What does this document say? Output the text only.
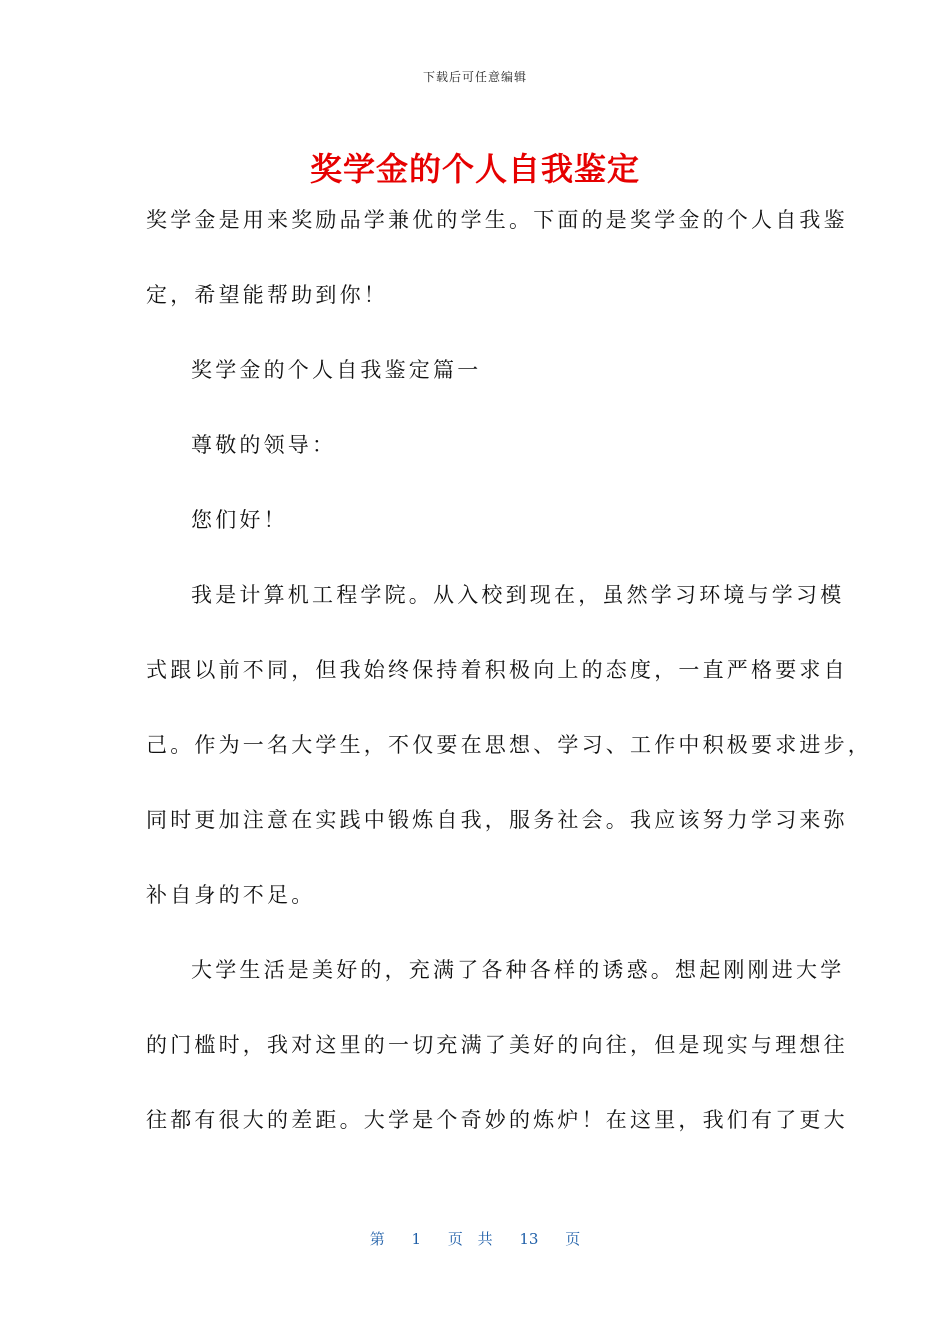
下载后可任意编辑
奖学金的个人自我鉴定
奖学金是用来奖励品学兼优的学生。下面的是奖学金的个人自我鉴
定，希望能帮助到你！
奖学金的个人自我鉴定篇一
尊敬的领导：
您们好！
我是计算机工程学院。从入校到现在，虽然学习环境与学习模
式跟以前不同，但我始终保持着积极向上的态度，一直严格要求自
己。作为一名大学生，不仅要在思想、学习、工作中积极要求进步，
同时更加注意在实践中锻炼自我，服务社会。我应该努力学习来弥
补自身的不足。
大学生活是美好的，充满了各种各样的诱惑。想起刚刚进大学
的门槛时，我对这里的一切充满了美好的向往，但是现实与理想往
往都有很大的差距。大学是个奇妙的炼炉！在这里，我们有了更大
第 1 页 共 13 页
